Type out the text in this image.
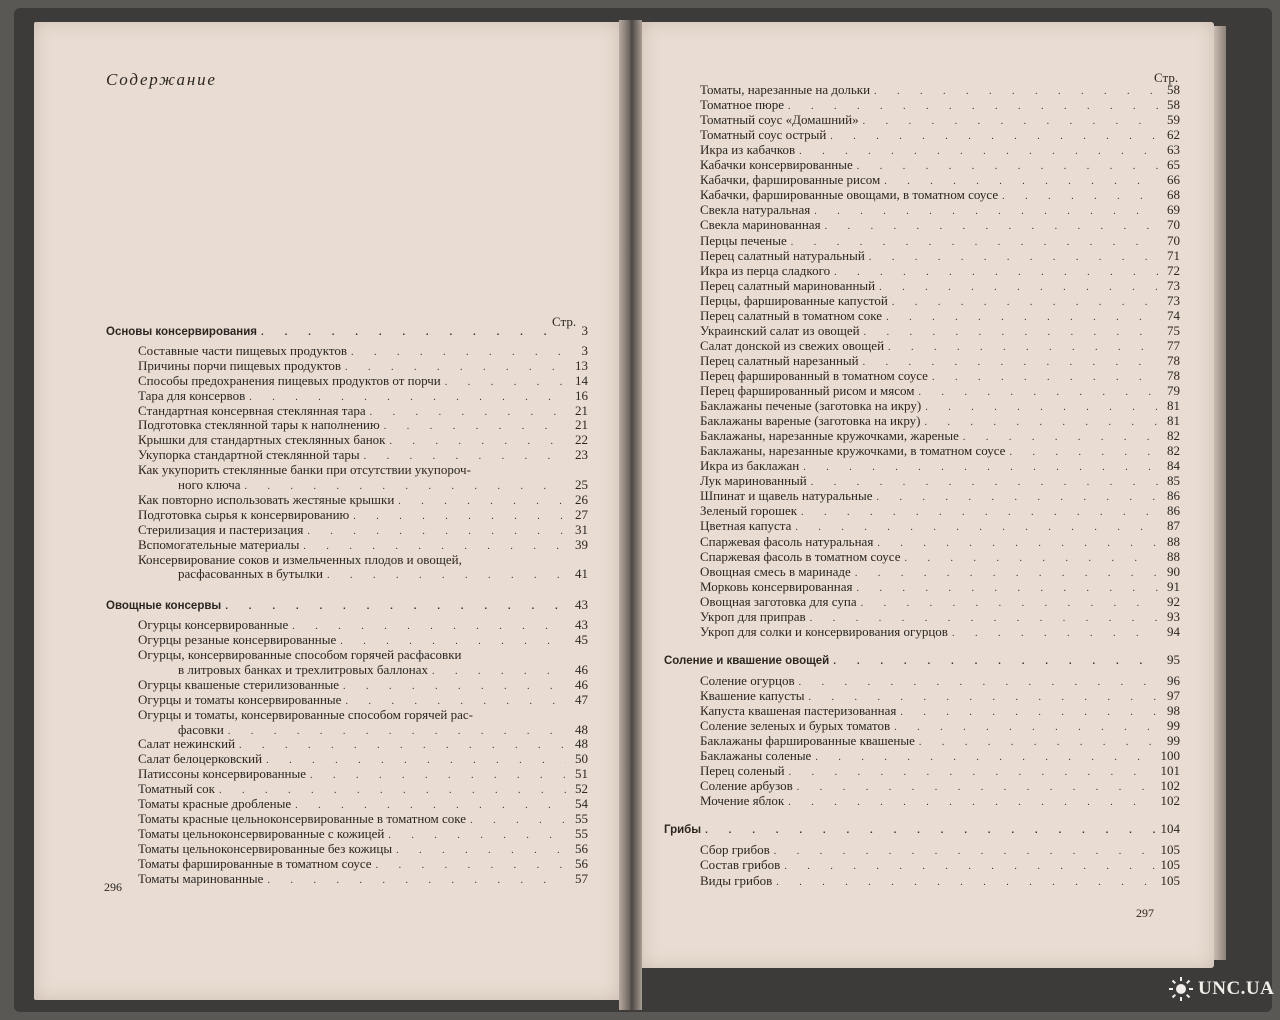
Содержание
Стр.
Стр.
Основы консервирования . . .	3
Составные части пищевых продуктов . . .	3
Причины порчи пищевых продуктов . . .	13
Способы предохранения пищевых продуктов от порчи . . .	14
Тара для консервов . . .	16
Стандартная консервная стеклянная тара . . .	21
Подготовка стеклянной тары к наполнению . . .	21
Крышки для стандартных стеклянных банок . . .	22
Укупорка стандартной стеклянной тары . . .	23
Как укупорить стеклянные банки при отсутствии укупороч-
ного ключа . . .	25
Как повторно использовать жестяные крышки . . .	26
Подготовка сырья к консервированию . . .	27
Стерилизация и пастеризация . . .	31
Вспомогательные материалы . . .	39
Консервирование соков и измельченных плодов и овощей,
расфасованных в бутылки . . .	41
Овощные консервы . . .	43
Огурцы консервированные . . .	43
Огурцы резаные консервированные . . .	45
Огурцы, консервированные способом горячей расфасовки
в литровых банках и трехлитровых баллонах . . .	46
Огурцы квашеные стерилизованные . . .	46
Огурцы и томаты консервированные . . .	47
Огурцы и томаты, консервированные способом горячей рас-
фасовки . . .	48
Салат нежинский . . .	48
Салат белоцерковский . . .	50
Патиссоны консервированные . . .	51
Томатный сок . . .	52
Томаты красные дробленые . . .	54
Томаты красные цельноконсервированные в томатном соке . . .	55
Томаты цельноконсервированные с кожицей . . .	55
Томаты цельноконсервированные без кожицы . . .	56
Томаты фаршированные в томатном соусе . . .	56
Томаты маринованные . . .	57
Томаты, нарезанные на дольки . . .	58
Томатное пюре . . .	58
Томатный соус «Домашний» . . .	59
Томатный соус острый . . .	62
Икра из кабачков . . .	63
Кабачки консервированные . . .	65
Кабачки, фаршированные рисом . . .	66
Кабачки, фаршированные овощами, в томатном соусе . . .	68
Свекла натуральная . . .	69
Свекла маринованная . . .	70
Перцы печеные . . .	70
Перец салатный натуральный . . .	71
Икра из перца сладкого . . .	72
Перец салатный маринованный . . .	73
Перцы, фаршированные капустой . . .	73
Перец салатный в томатном соке . . .	74
Украинский салат из овощей . . .	75
Салат донской из свежих овощей . . .	77
Перец салатный нарезанный . . .	78
Перец фаршированный в томатном соусе . . .	78
Перец фаршированный рисом и мясом . . .	79
Баклажаны печеные (заготовка на икру) . . .	81
Баклажаны вареные (заготовка на икру) . . .	81
Баклажаны, нарезанные кружочками, жареные . . .	82
Баклажаны, нарезанные кружочками, в томатном соусе . . .	82
Икра из баклажан . . .	84
Лук маринованный . . .	85
Шпинат и щавель натуральные . . .	86
Зеленый горошек . . .	86
Цветная капуста . . .	87
Спаржевая фасоль натуральная . . .	88
Спаржевая фасоль в томатном соусе . . .	88
Овощная смесь в маринаде . . .	90
Морковь консервированная . . .	91
Овощная заготовка для супа . . .	92
Укроп для приправ . . .	93
Укроп для солки и консервирования огурцов . . .	94
Соление и квашение овощей . . .	95
Соление огурцов . . .	96
Квашение капусты . . .	97
Капуста квашеная пастеризованная . . .	98
Соление зеленых и бурых томатов . . .	99
Баклажаны фаршированные квашеные . . .	99
Баклажаны соленые . . .	100
Перец соленый . . .	101
Соление арбузов . . .	102
Мочение яблок . . .	102
Грибы . . .	104
Сбор грибов . . .	105
Состав грибов . . .	105
Виды грибов . . .	105
296
297
UNC.UA
